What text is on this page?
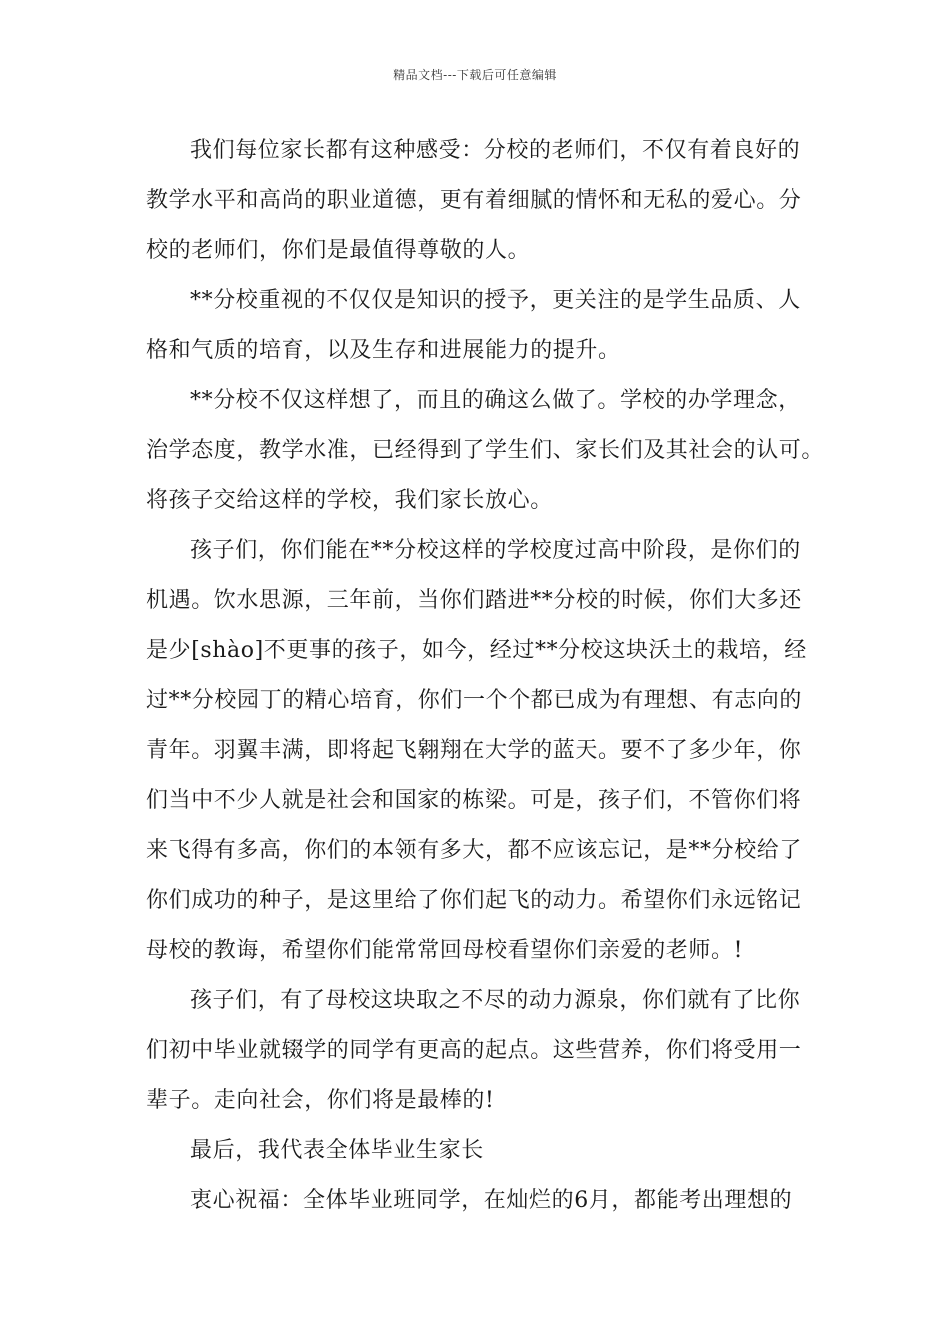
精品文档---下载后可任意编辑
我们每位家长都有这种感受：分校的老师们，不仅有着良好的
教学水平和高尚的职业道德，更有着细腻的情怀和无私的爱心。分
校的老师们，你们是最值得尊敬的人。
**分校重视的不仅仅是知识的授予，更关注的是学生品质、人
格和气质的培育，以及生存和进展能力的提升。
**分校不仅这样想了，而且的确这么做了。学校的办学理念，
治学态度，教学水准，已经得到了学生们、家长们及其社会的认可。
将孩子交给这样的学校，我们家长放心。
孩子们，你们能在**分校这样的学校度过高中阶段，是你们的
机遇。饮水思源，三年前，当你们踏进**分校的时候，你们大多还
是少[shào]不更事的孩子，如今，经过**分校这块沃土的栽培，经
过**分校园丁的精心培育，你们一个个都已成为有理想、有志向的
青年。羽翼丰满，即将起飞翱翔在大学的蓝天。要不了多少年，你
们当中不少人就是社会和国家的栋梁。可是，孩子们，不管你们将
来飞得有多高，你们的本领有多大，都不应该忘记，是**分校给了
你们成功的种子，是这里给了你们起飞的动力。希望你们永远铭记
母校的教诲，希望你们能常常回母校看望你们亲爱的老师。!
孩子们，有了母校这块取之不尽的动力源泉，你们就有了比你
们初中毕业就辍学的同学有更高的起点。这些营养，你们将受用一
辈子。走向社会，你们将是最棒的!
最后，我代表全体毕业生家长
衷心祝福：全体毕业班同学，在灿烂的6月，都能考出理想的
